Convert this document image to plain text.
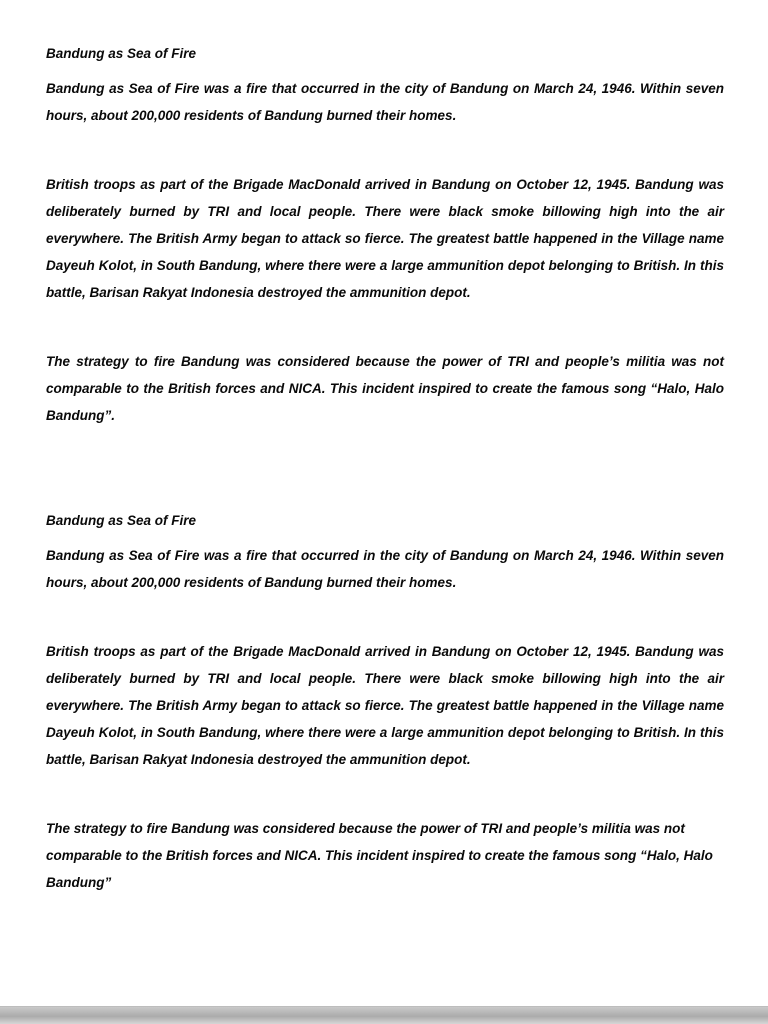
Bandung as Sea of Fire

Bandung as Sea of Fire was a fire that occurred in the city of Bandung on March 24, 1946. Within seven hours, about 200,000 residents of Bandung burned their homes.

British troops as part of the Brigade MacDonald arrived in Bandung on October 12, 1945. Bandung was deliberately burned by TRI and local people. There were black smoke billowing high into the air everywhere. The British Army began to attack so fierce. The greatest battle happened in the Village name Dayeuh Kolot, in South Bandung, where there were a large ammunition depot belonging to British. In this battle, Barisan Rakyat Indonesia destroyed the ammunition depot.

The strategy to fire Bandung was considered because the power of TRI and people’s militia was not comparable to the British forces and NICA. This incident inspired to create the famous song “Halo, Halo Bandung”.

Bandung as Sea of Fire

Bandung as Sea of Fire was a fire that occurred in the city of Bandung on March 24, 1946. Within seven hours, about 200,000 residents of Bandung burned their homes.

British troops as part of the Brigade MacDonald arrived in Bandung on October 12, 1945. Bandung was deliberately burned by TRI and local people. There were black smoke billowing high into the air everywhere. The British Army began to attack so fierce. The greatest battle happened in the Village name Dayeuh Kolot, in South Bandung, where there were a large ammunition depot belonging to British. In this battle, Barisan Rakyat Indonesia destroyed the ammunition depot.

The strategy to fire Bandung was considered because the power of TRI and people’s militia was not comparable to the British forces and NICA. This incident inspired to create the famous song “Halo, Halo Bandung”
